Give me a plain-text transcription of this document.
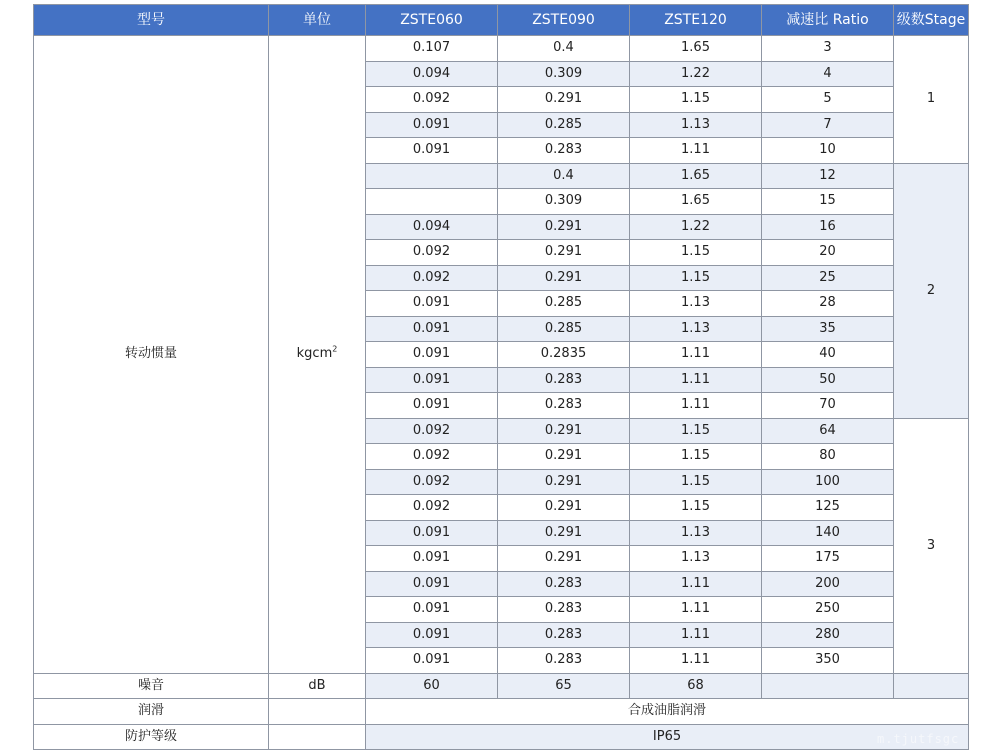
型号	单位	ZSTE060	ZSTE090	ZSTE120	减速比 Ratio	级数Stage
转动惯量	kgcm$^2$	0.107	0.4	1.65	3	1
		0.094	0.309	1.22	4	
		0.092	0.291	1.15	5	
		0.091	0.285	1.13	7	
		0.091	0.283	1.11	10	
			0.4	1.65	12	2
			0.309	1.65	15	
		0.094	0.291	1.22	16	
		0.092	0.291	1.15	20	
		0.092	0.291	1.15	25	
		0.091	0.285	1.13	28	
		0.091	0.285	1.13	35	
		0.091	0.2835	1.11	40	
		0.091	0.283	1.11	50	
		0.091	0.283	1.11	70	
		0.092	0.291	1.15	64	3
		0.092	0.291	1.15	80	
		0.092	0.291	1.15	100	
		0.092	0.291	1.15	125	
		0.091	0.291	1.13	140	
		0.091	0.291	1.13	175	
		0.091	0.283	1.11	200	
		0.091	0.283	1.11	250	
		0.091	0.283	1.11	280	
		0.091	0.283	1.11	350	
噪音	dB	60	65	68		
润滑		合成油脂润滑				
防护等级		IP65					m.tjutfsgc
